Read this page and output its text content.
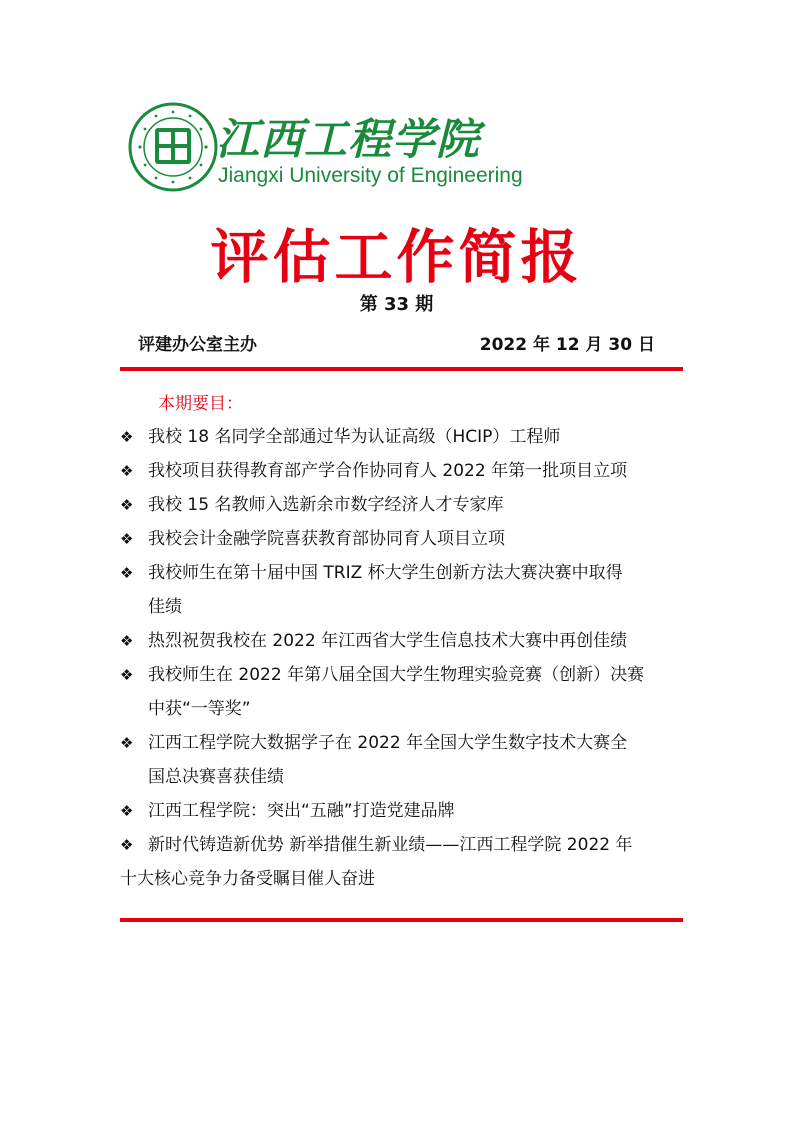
江西工程学院
Jiangxi University of Engineering
评估工作简报
第 33 期
评建办公室主办	2022 年 12 月 30 日
本期要目：
❖ 我校 18 名同学全部通过华为认证高级（HCIP）工程师
❖ 我校项目获得教育部产学合作协同育人 2022 年第一批项目立项
❖ 我校 15 名教师入选新余市数字经济人才专家库
❖ 我校会计金融学院喜获教育部协同育人项目立项
❖ 我校师生在第十届中国 TRIZ 杯大学生创新方法大赛决赛中取得
佳绩
❖ 热烈祝贺我校在 2022 年江西省大学生信息技术大赛中再创佳绩
❖ 我校师生在 2022 年第八届全国大学生物理实验竞赛（创新）决赛
中获“一等奖”
❖ 江西工程学院大数据学子在 2022 年全国大学生数字技术大赛全
国总决赛喜获佳绩
❖ 江西工程学院：突出“五融”打造党建品牌
❖ 新时代铸造新优势 新举措催生新业绩——江西工程学院 2022 年
十大核心竞争力备受瞩目催人奋进
